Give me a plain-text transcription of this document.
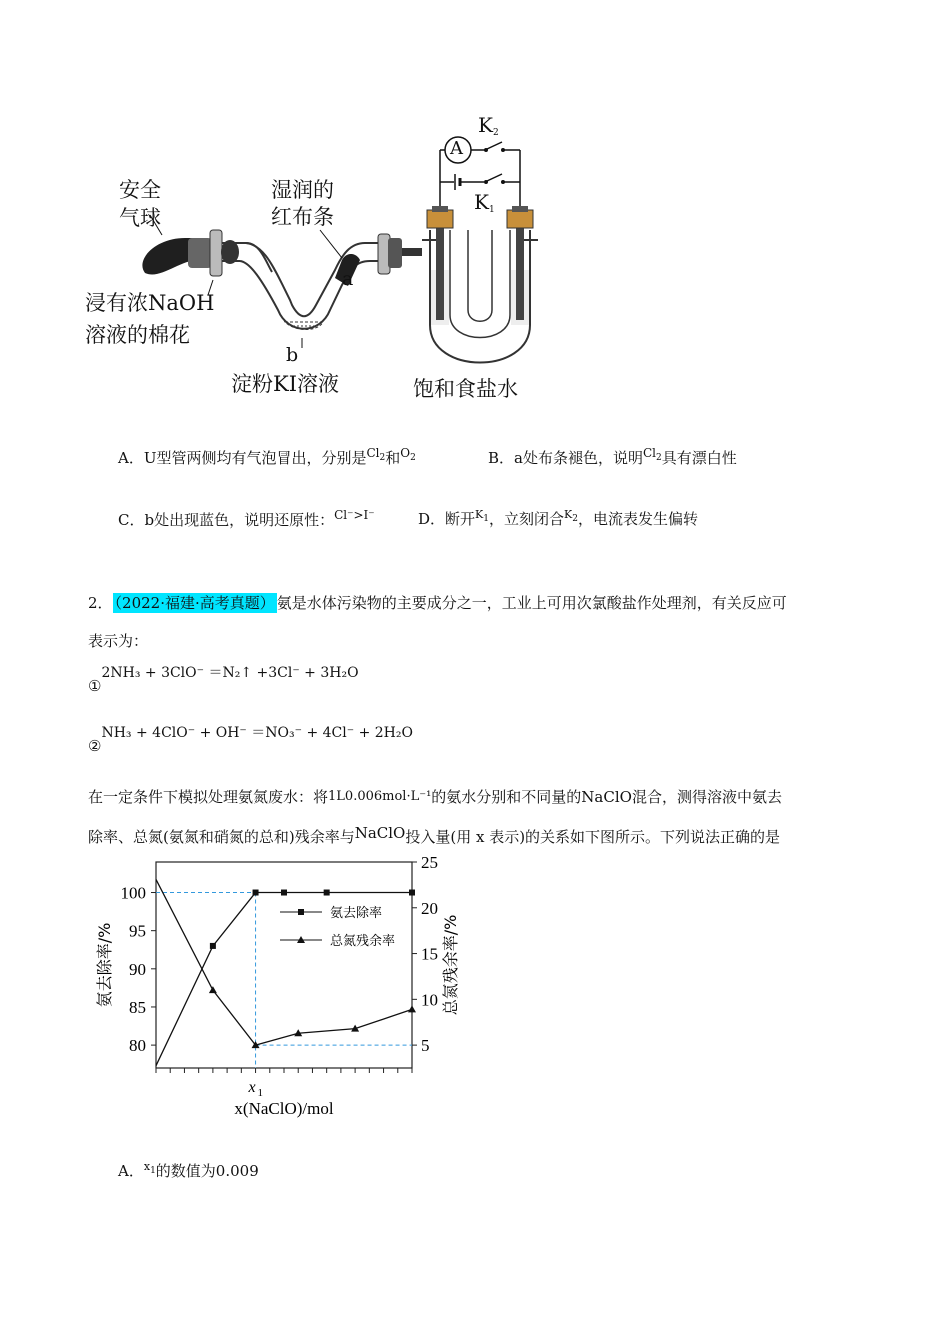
安全
气球
湿润的
红布条
浸有浓NaOH
溶液的棉花
a
b
淀粉KI溶液	饱和食盐水
A
$K_2$
$K_1$
A．U型管两侧均有气泡冒出，分别是$^{Cl_2}$和$^{O_2}$	B．a处布条褪色，说明$^{Cl_2}$具有漂白性
C．b处出现蓝色，说明还原性：$^{Cl^->I^-}$	D．断开$^{K_1}$，立刻闭合$^{K_2}$，电流表发生偏转
2． （2022·福建·高考真题） 氨是水体污染物的主要成分之一，工业上可用次氯酸盐作处理剂，有关反应可
表示为：
①2NH₃ + 3ClO⁻ ＝N₂↑ +3Cl⁻ + 3H₂O
②NH₃ + 4ClO⁻ + OH⁻ ＝NO₃⁻ + 4Cl⁻ + 2H₂O
在一定条件下模拟处理氨氮废水：将1L0.006mol·L⁻¹的氨水分别和不同量的NaClO混合，测得溶液中氨去
除率、总氮(氨氮和硝氮的总和)残余率与NaClO投入量(用 x 表示)的关系如下图所示。下列说法正确的是
80
85
90
95
100
5
10
15
20
25
氨去除率
总氮残余率
x 1
x(NaClO)/mol
氨去除率/%	总氮残余率/%
A．$^{x_1}$的数值为0.009
